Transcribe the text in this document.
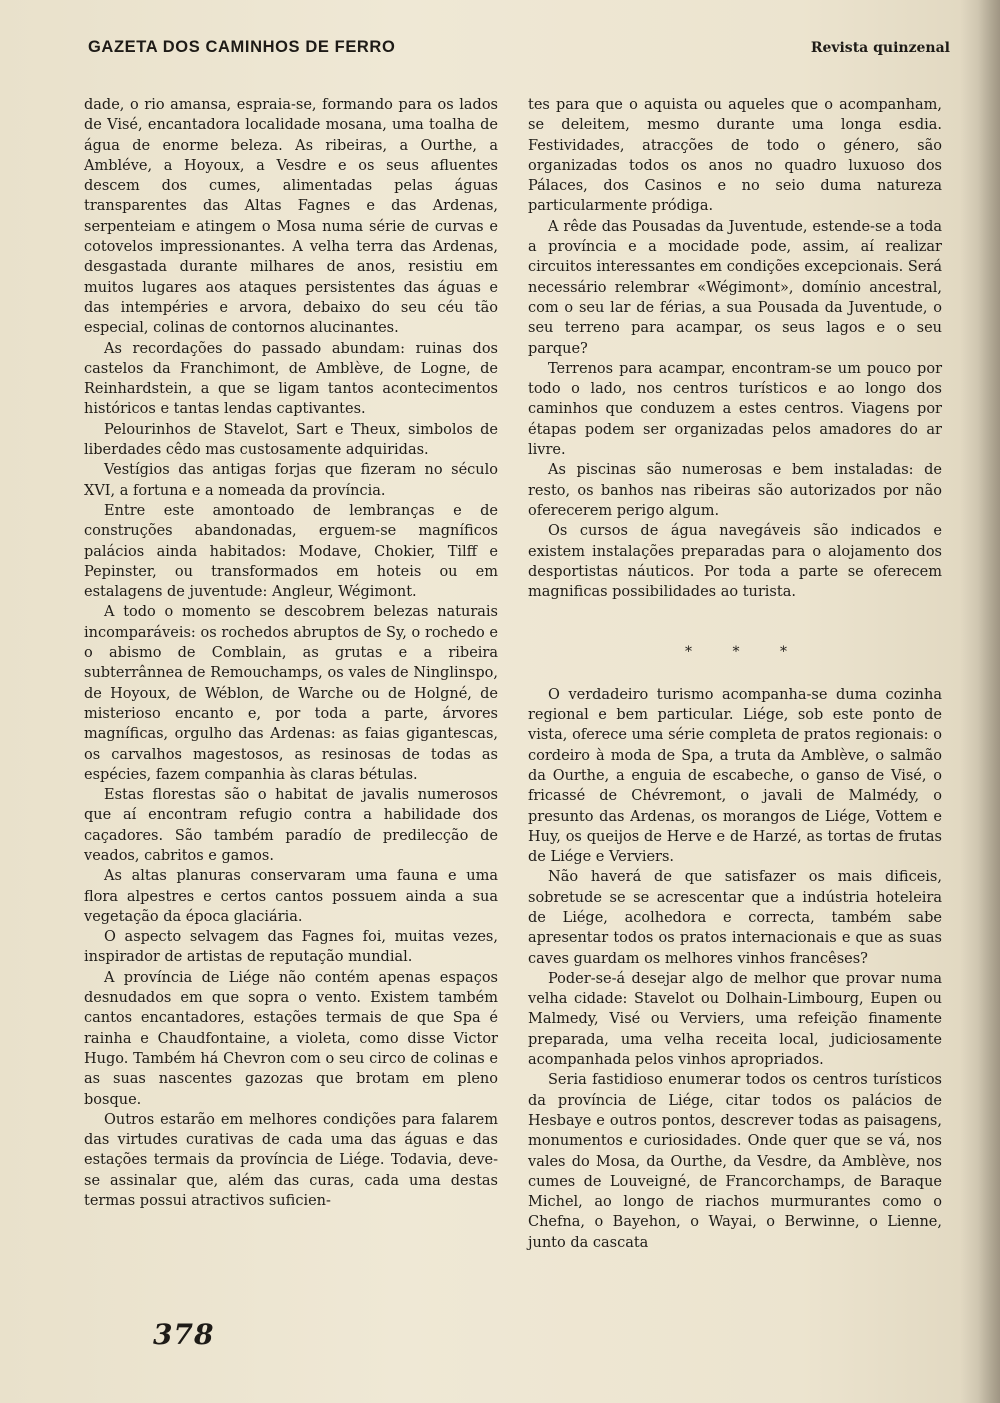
GAZETA DOS CAMINHOS DE FERRO	Revista quinzenal

dade, o rio amansa, espraia-se, formando para os lados de Visé, encantadora localidade mosana, uma toalha de água de enorme beleza. As ribeiras, a Ourthe, a Ambléve, a Hoyoux, a Vesdre e os seus afluentes descem dos cumes, alimentadas pelas águas transparentes das Altas Fagnes e das Ardenas, serpenteiam e atingem o Mosa numa série de curvas e cotovelos impressionantes. A velha terra das Ardenas, desgastada durante milhares de anos, resistiu em muitos lugares aos ataques persistentes das águas e das intempéries e arvora, debaixo do seu céu tão especial, colinas de contornos alucinantes.

As recordações do passado abundam: ruinas dos castelos da Franchimont, de Amblève, de Logne, de Reinhardstein, a que se ligam tantos acontecimentos históricos e tantas lendas captivantes.

Pelourinhos de Stavelot, Sart e Theux, simbolos de liberdades cêdo mas custosamente adquiridas.

Vestígios das antigas forjas que fizeram no século XVI, a fortuna e a nomeada da província.

Entre este amontoado de lembranças e de construções abandonadas, erguem-se magníficos palácios ainda habitados: Modave, Chokier, Tilff e Pepinster, ou transformados em hoteis ou em estalagens de juventude: Angleur, Wégimont.

A todo o momento se descobrem belezas naturais incomparáveis: os rochedos abruptos de Sy, o rochedo e o abismo de Comblain, as grutas e a ribeira subterrânnea de Remouchamps, os vales de Ninglinspo, de Hoyoux, de Wéblon, de Warche ou de Holgné, de misterioso encanto e, por toda a parte, árvores magníficas, orgulho das Ardenas: as faias gigantescas, os carvalhos magestosos, as resinosas de todas as espécies, fazem companhia às claras bétulas.

Estas florestas são o habitat de javalis numerosos que aí encontram refugio contra a habilidade dos caçadores. São também paradío de predilecção de veados, cabritos e gamos.

As altas planuras conservaram uma fauna e uma flora alpestres e certos cantos possuem ainda a sua vegetação da época glaciária.

O aspecto selvagem das Fagnes foi, muitas vezes, inspirador de artistas de reputação mundial.

A província de Liége não contém apenas espaços desnudados em que sopra o vento. Existem também cantos encantadores, estações termais de que Spa é rainha e Chaudfontaine, a violeta, como disse Victor Hugo. Também há Chevron com o seu circo de colinas e as suas nascentes gazozas que brotam em pleno bosque.

Outros estarão em melhores condições para falarem das virtudes curativas de cada uma das águas e das estações termais da província de Liége. Todavia, deve-se assinalar que, além das curas, cada uma destas termas possui atractivos suficien-

tes para que o aquista ou aqueles que o acompanham, se deleitem, mesmo durante uma longa esdia. Festividades, atracções de todo o género, são organizadas todos os anos no quadro luxuoso dos Pálaces, dos Casinos e no seio duma natureza particularmente pródiga.

A rêde das Pousadas da Juventude, estende-se a toda a província e a mocidade pode, assim, aí realizar circuitos interessantes em condições excepcionais. Será necessário relembrar «Wégimont», domínio ancestral, com o seu lar de férias, a sua Pousada da Juventude, o seu terreno para acampar, os seus lagos e o seu parque?

Terrenos para acampar, encontram-se um pouco por todo o lado, nos centros turísticos e ao longo dos caminhos que conduzem a estes centros. Viagens por étapas podem ser organizadas pelos amadores do ar livre.

As piscinas são numerosas e bem instaladas: de resto, os banhos nas ribeiras são autorizados por não oferecerem perigo algum.

Os cursos de água navegáveis são indicados e existem instalações preparadas para o alojamento dos desportistas náuticos. Por toda a parte se oferecem magnificas possibilidades ao turista.

* * *

O verdadeiro turismo acompanha-se duma cozinha regional e bem particular. Liége, sob este ponto de vista, oferece uma série completa de pratos regionais: o cordeiro à moda de Spa, a truta da Amblève, o salmão da Ourthe, a enguia de escabeche, o ganso de Visé, o fricassé de Chévremont, o javali de Malmédy, o presunto das Ardenas, os morangos de Liége, Vottem e Huy, os queijos de Herve e de Harzé, as tortas de frutas de Liége e Verviers.

Não haverá de que satisfazer os mais dificeis, sobretude se se acrescentar que a indústria hoteleira de Liége, acolhedora e correcta, também sabe apresentar todos os pratos internacionais e que as suas caves guardam os melhores vinhos francêses?

Poder-se-á desejar algo de melhor que provar numa velha cidade: Stavelot ou Dolhain-Limbourg, Eupen ou Malmedy, Visé ou Verviers, uma refeição finamente preparada, uma velha receita local, judiciosamente acompanhada pelos vinhos apropriados.

Seria fastidioso enumerar todos os centros turísticos da província de Liége, citar todos os palácios de Hesbaye e outros pontos, descrever todas as paisagens, monumentos e curiosidades. Onde quer que se vá, nos vales do Mosa, da Ourthe, da Vesdre, da Amblève, nos cumes de Louveigné, de Francorchamps, de Baraque Michel, ao longo de riachos murmurantes como o Chefna, o Bayehon, o Wayai, o Berwinne, o Lienne, junto da cascata

378
